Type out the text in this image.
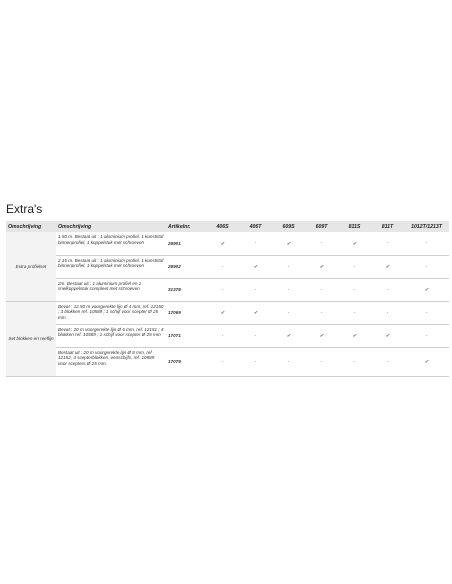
Extra's
Omschrijving	Omschrijving	Artikelnr.	406S	406T	609S	609T	811S	811T	1012T/1213T
Extra profielset	1.50 m. Bestaat uit : 1 aluminium profiel, 1 kunststof binnenprofiel, 1 koppelstuk met schroeven	26901	✓	-	✓	-	✓	-	-
	2.15 m. Bestaat uit : 1 aluminium profiel, 1 kunststof binnenprofiel, 1 koppelstuk met schroeven	26902	-	✓	-	✓	-	✓	-
	2m. Bestaat uit : 1 aluminium profiel en 1 snelkoppelstuk compleet met schroeven	31378	-	-	-	-	-	-	✓
Set blokken en reeflijn	Bevat : 12.50 m voorgerekte lijn Ø 4 mm, ref. 12150 ; 3 blokken ref. 10589 ; 1 schijf voor scepter Ø 25 mm	17069	✓	✓	-	-	-	-	-
	Bevat : 20 m voorgerekte lijn Ø 6 mm, ref. 12151 ; 4 blokken ref. 10589 ; 1 schijf voor scepter Ø 25 mm	17071	-	-	✓	✓	✓	✓	-
	Bestaat uit : 20 m voorgerekte lijn Ø 8 mm, ref 12152, 4 scepterblokken, eenschijfs, ref. 10589 voor scepters Ø 25 mm.	17079	-	-	-	-	-	-	✓
